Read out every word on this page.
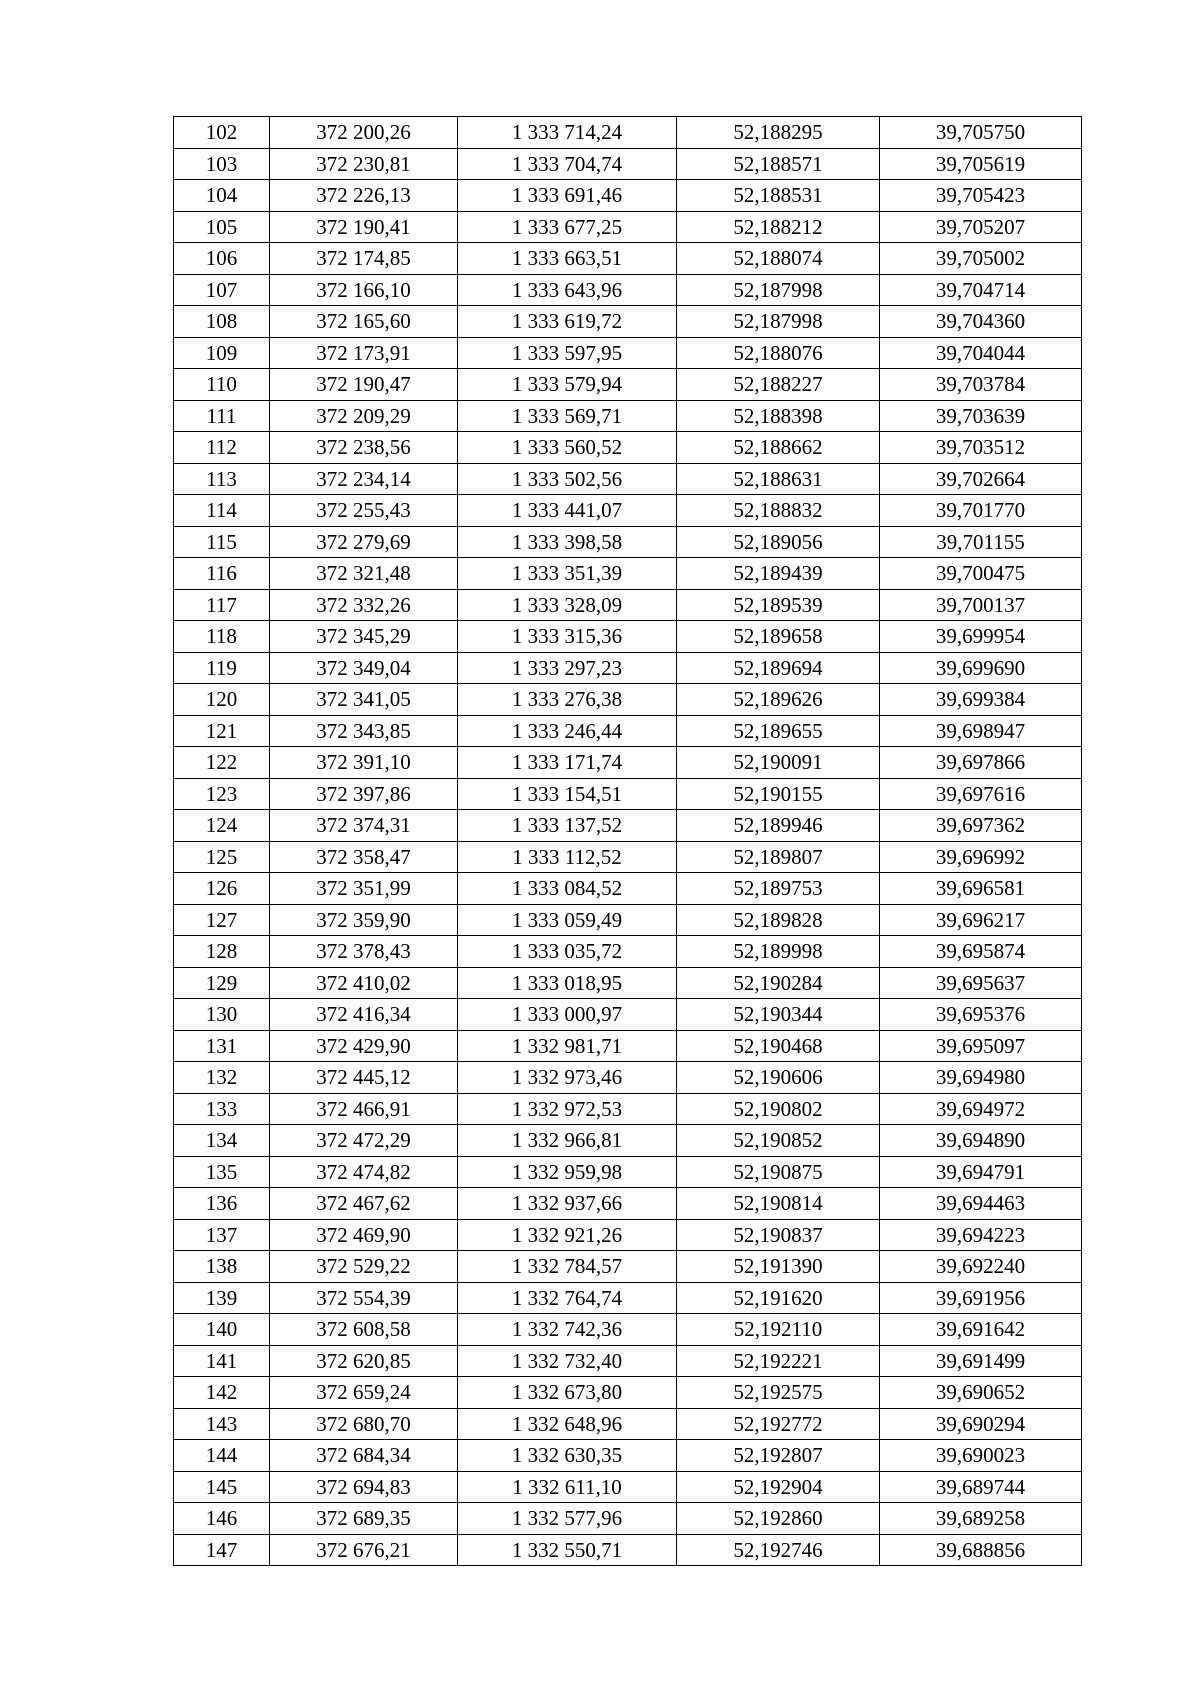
102	372 200,26	1 333 714,24	52,188295	39,705750
103	372 230,81	1 333 704,74	52,188571	39,705619
104	372 226,13	1 333 691,46	52,188531	39,705423
105	372 190,41	1 333 677,25	52,188212	39,705207
106	372 174,85	1 333 663,51	52,188074	39,705002
107	372 166,10	1 333 643,96	52,187998	39,704714
108	372 165,60	1 333 619,72	52,187998	39,704360
109	372 173,91	1 333 597,95	52,188076	39,704044
110	372 190,47	1 333 579,94	52,188227	39,703784
111	372 209,29	1 333 569,71	52,188398	39,703639
112	372 238,56	1 333 560,52	52,188662	39,703512
113	372 234,14	1 333 502,56	52,188631	39,702664
114	372 255,43	1 333 441,07	52,188832	39,701770
115	372 279,69	1 333 398,58	52,189056	39,701155
116	372 321,48	1 333 351,39	52,189439	39,700475
117	372 332,26	1 333 328,09	52,189539	39,700137
118	372 345,29	1 333 315,36	52,189658	39,699954
119	372 349,04	1 333 297,23	52,189694	39,699690
120	372 341,05	1 333 276,38	52,189626	39,699384
121	372 343,85	1 333 246,44	52,189655	39,698947
122	372 391,10	1 333 171,74	52,190091	39,697866
123	372 397,86	1 333 154,51	52,190155	39,697616
124	372 374,31	1 333 137,52	52,189946	39,697362
125	372 358,47	1 333 112,52	52,189807	39,696992
126	372 351,99	1 333 084,52	52,189753	39,696581
127	372 359,90	1 333 059,49	52,189828	39,696217
128	372 378,43	1 333 035,72	52,189998	39,695874
129	372 410,02	1 333 018,95	52,190284	39,695637
130	372 416,34	1 333 000,97	52,190344	39,695376
131	372 429,90	1 332 981,71	52,190468	39,695097
132	372 445,12	1 332 973,46	52,190606	39,694980
133	372 466,91	1 332 972,53	52,190802	39,694972
134	372 472,29	1 332 966,81	52,190852	39,694890
135	372 474,82	1 332 959,98	52,190875	39,694791
136	372 467,62	1 332 937,66	52,190814	39,694463
137	372 469,90	1 332 921,26	52,190837	39,694223
138	372 529,22	1 332 784,57	52,191390	39,692240
139	372 554,39	1 332 764,74	52,191620	39,691956
140	372 608,58	1 332 742,36	52,192110	39,691642
141	372 620,85	1 332 732,40	52,192221	39,691499
142	372 659,24	1 332 673,80	52,192575	39,690652
143	372 680,70	1 332 648,96	52,192772	39,690294
144	372 684,34	1 332 630,35	52,192807	39,690023
145	372 694,83	1 332 611,10	52,192904	39,689744
146	372 689,35	1 332 577,96	52,192860	39,689258
147	372 676,21	1 332 550,71	52,192746	39,688856
